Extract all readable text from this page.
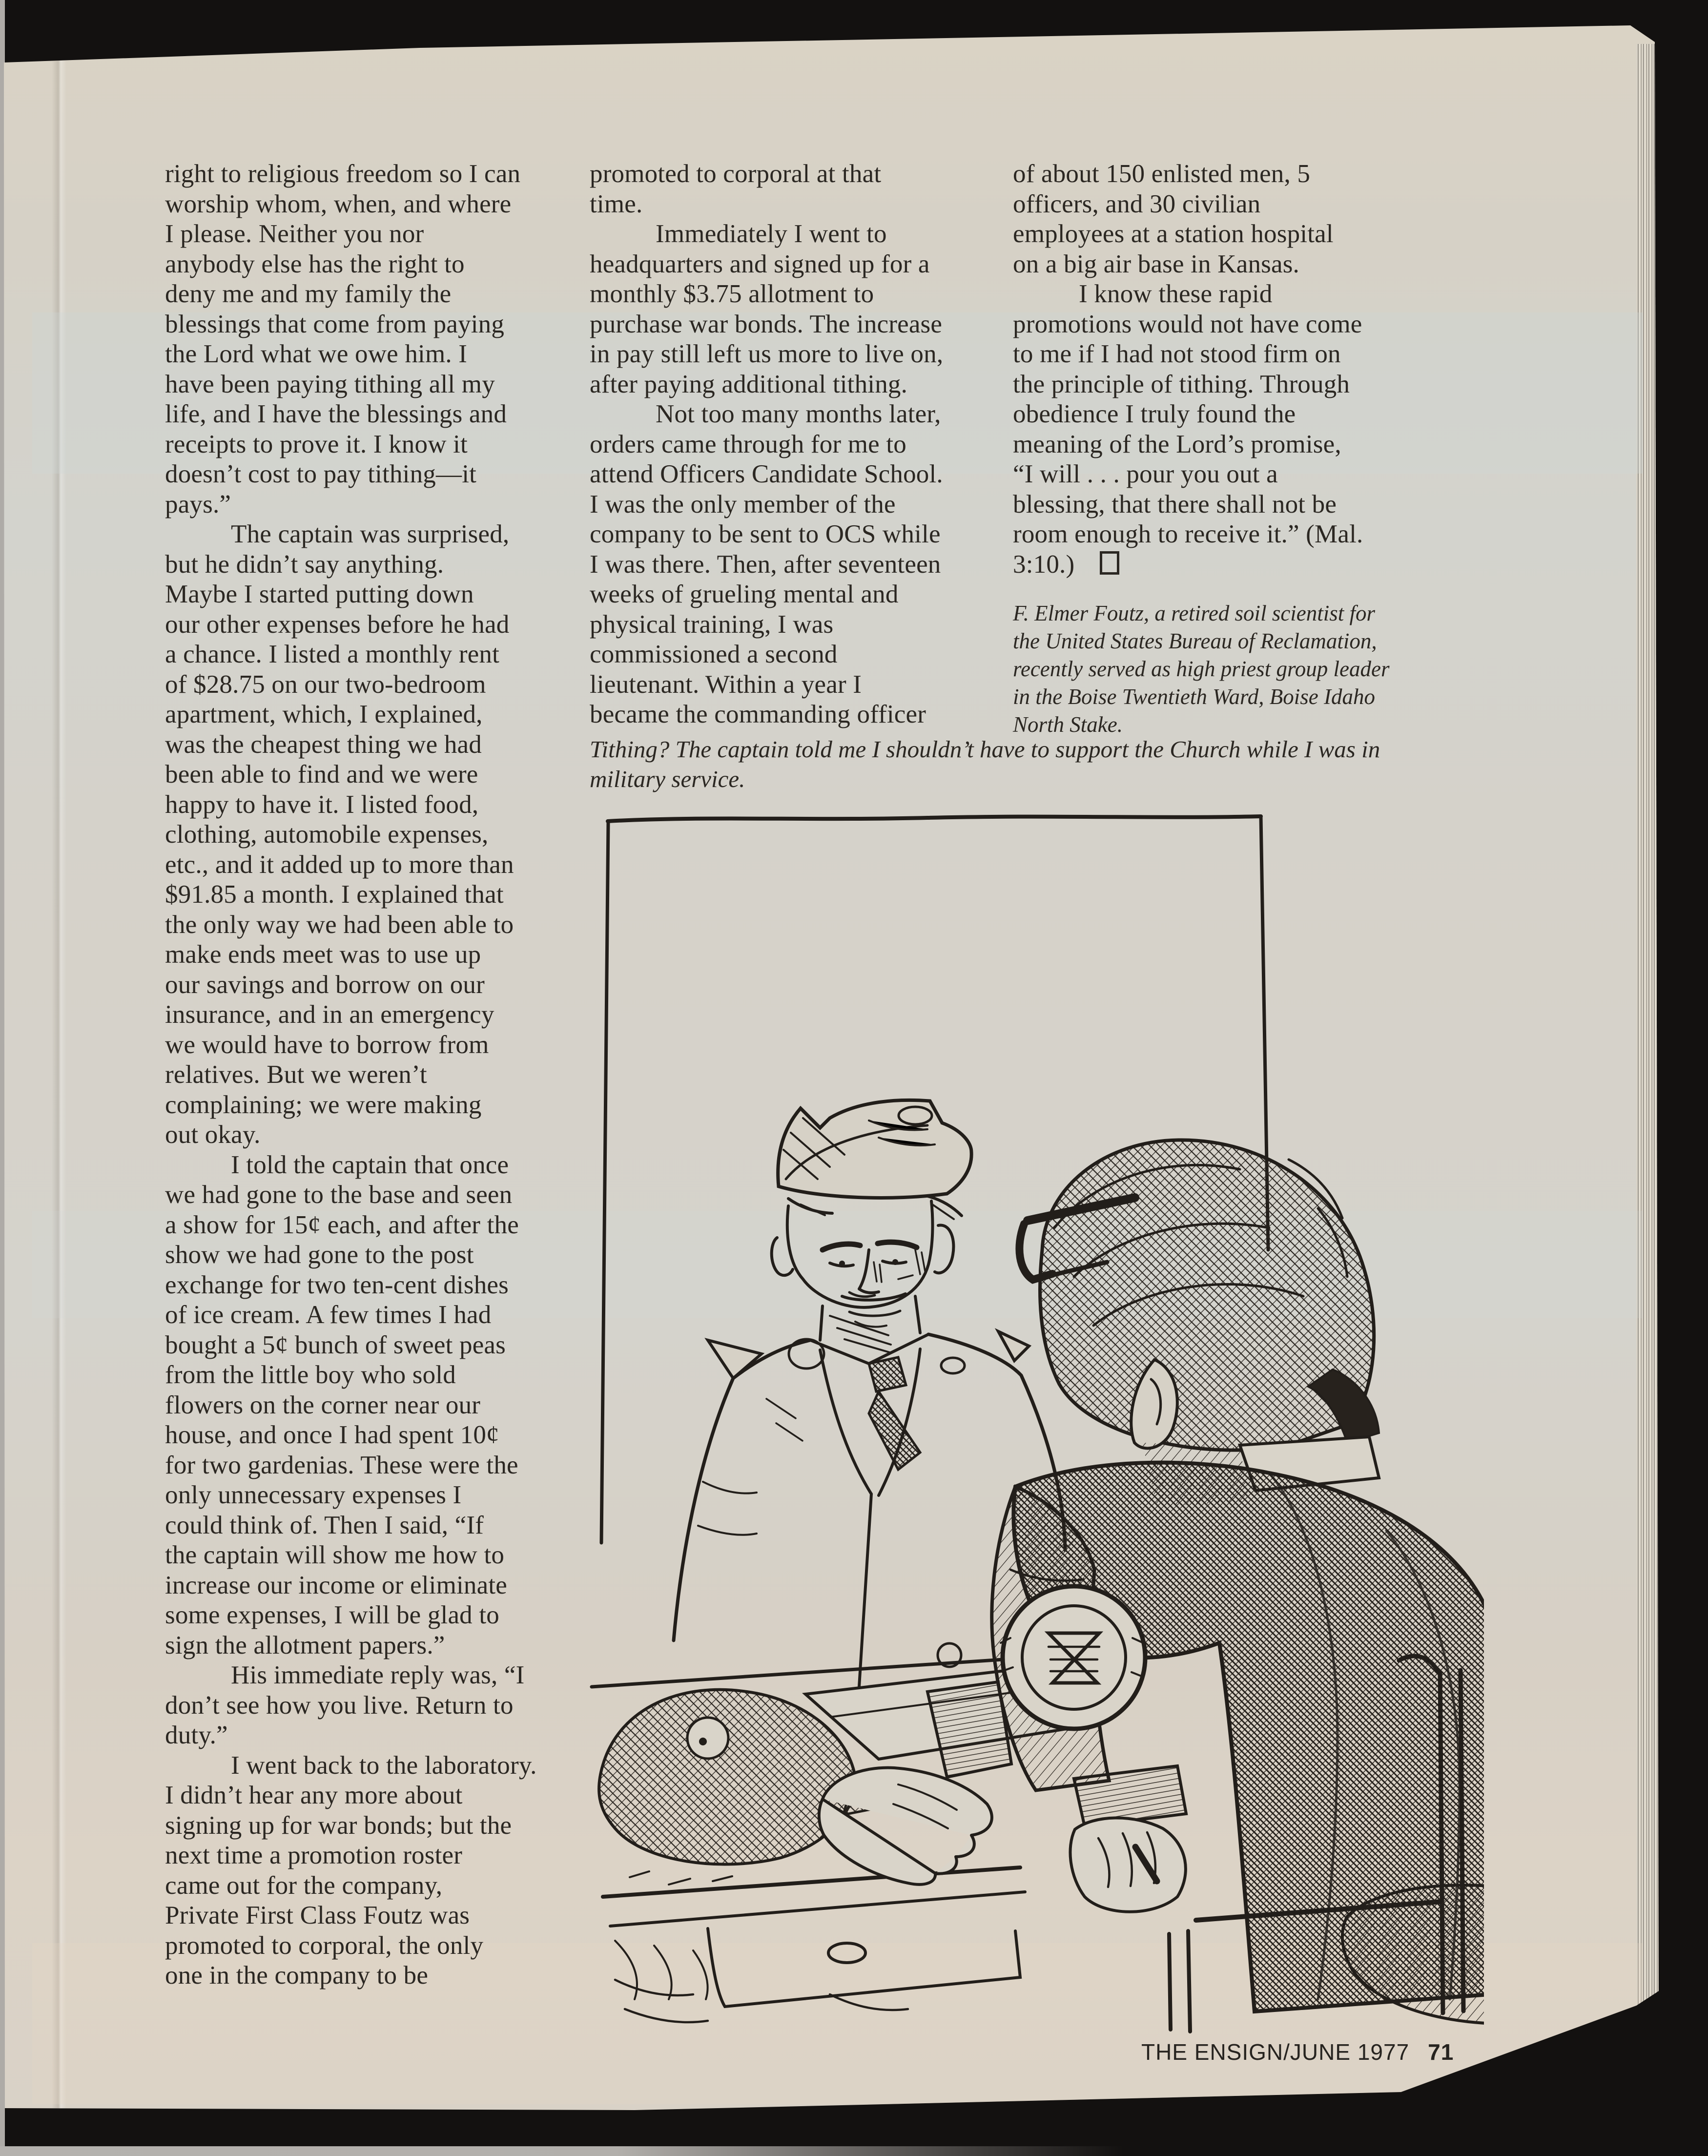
right to religious freedom so I can
worship whom, when, and where
I please. Neither you nor
anybody else has the right to
deny me and my family the
blessings that come from paying
the Lord what we owe him. I
have been paying tithing all my
life, and I have the blessings and
receipts to prove it. I know it
doesn’t cost to pay tithing—it
pays.”
The captain was surprised,
but he didn’t say anything.
Maybe I started putting down
our other expenses before he had
a chance. I listed a monthly rent
of $28.75 on our two-bedroom
apartment, which, I explained,
was the cheapest thing we had
been able to find and we were
happy to have it. I listed food,
clothing, automobile expenses,
etc., and it added up to more than
$91.85 a month. I explained that
the only way we had been able to
make ends meet was to use up
our savings and borrow on our
insurance, and in an emergency
we would have to borrow from
relatives. But we weren’t
complaining; we were making
out okay.
I told the captain that once
we had gone to the base and seen
a show for 15¢ each, and after the
show we had gone to the post
exchange for two ten-cent dishes
of ice cream. A few times I had
bought a 5¢ bunch of sweet peas
from the little boy who sold
flowers on the corner near our
house, and once I had spent 10¢
for two gardenias. These were the
only unnecessary expenses I
could think of. Then I said, “If
the captain will show me how to
increase our income or eliminate
some expenses, I will be glad to
sign the allotment papers.”
His immediate reply was, “I
don’t see how you live. Return to
duty.”
I went back to the laboratory.
I didn’t hear any more about
signing up for war bonds; but the
next time a promotion roster
came out for the company,
Private First Class Foutz was
promoted to corporal, the only
one in the company to be
promoted to corporal at that
time.
Immediately I went to
headquarters and signed up for a
monthly $3.75 allotment to
purchase war bonds. The increase
in pay still left us more to live on,
after paying additional tithing.
Not too many months later,
orders came through for me to
attend Officers Candidate School.
I was the only member of the
company to be sent to OCS while
I was there. Then, after seventeen
weeks of grueling mental and
physical training, I was
commissioned a second
lieutenant. Within a year I
became the commanding officer
of about 150 enlisted men, 5
officers, and 30 civilian
employees at a station hospital
on a big air base in Kansas.
I know these rapid
promotions would not have come
to me if I had not stood firm on
the principle of tithing. Through
obedience I truly found the
meaning of the Lord’s promise,
“I will . . . pour you out a
blessing, that there shall not be
room enough to receive it.” (Mal.
3:10.)
Tithing? The captain told me I shouldn’t have to support the Church while I was in
military service.
F. Elmer Foutz, a retired soil scientist for
the United States Bureau of Reclamation,
recently served as high priest group leader
in the Boise Twentieth Ward, Boise Idaho
North Stake.
THE ENSIGN/JUNE 1977 71
